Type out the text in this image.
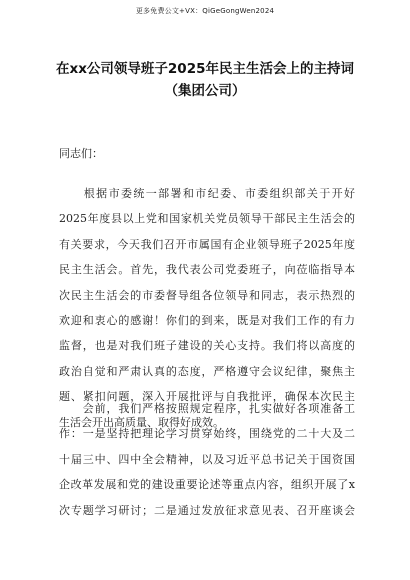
更多免费公文+VX：QiGeGongWen2024
在xx公司领导班子2025年民主生活会上的主持词
（集团公司）
同志们：
　　根据市委统一部署和市纪委、市委组织部关于开好
2025年度县以上党和国家机关党员领导干部民主生活会的
有关要求，今天我们召开市属国有企业领导班子2025年度
民主生活会。首先，我代表公司党委班子，向莅临指导本
次民主生活会的市委督导组各位领导和同志，表示热烈的
欢迎和衷心的感谢！你们的到来，既是对我们工作的有力
监督，也是对我们班子建设的关心支持。我们将以高度的
政治自觉和严肃认真的态度，严格遵守会议纪律，聚焦主
题、紧扣问题，深入开展批评与自我批评，确保本次民主
生活会开出高质量、取得好成效。
　　会前，我们严格按照规定程序，扎实做好各项准备工
作：一是坚持把理论学习贯穿始终，围绕党的二十大及二
十届三中、四中全会精神，以及习近平总书记关于国资国
企改革发展和党的建设重要论述等重点内容，组织开展了x
次专题学习研讨；二是通过发放征求意见表、召开座谈会
